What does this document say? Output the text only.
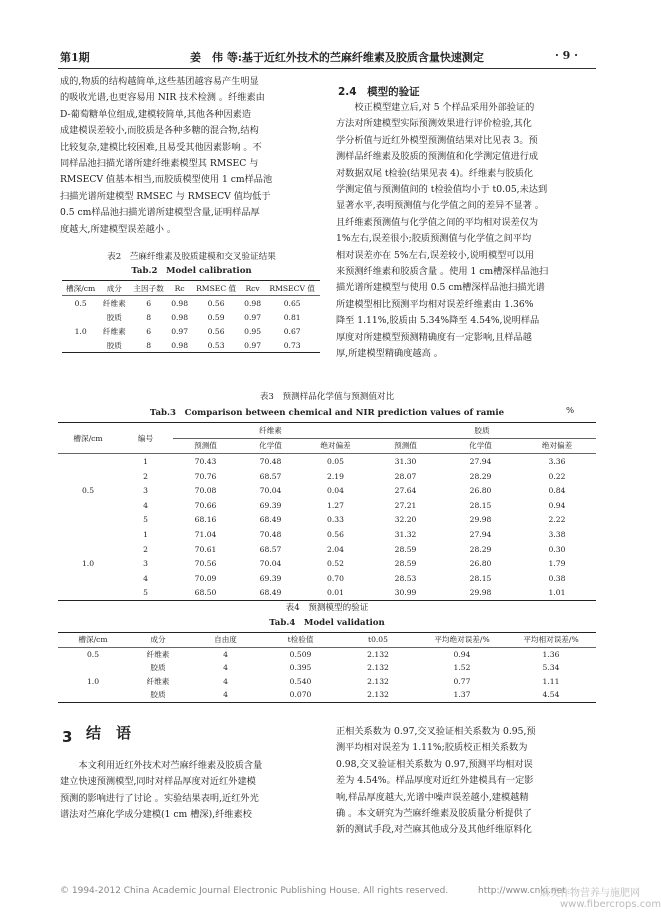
第1期	姜　伟 等:基于近红外技术的苎麻纤维素及胶质含量快速测定	· 9 ·

成的,物质的结构越简单,这些基团越容易产生明显

的吸收光谱,也更容易用 NIR 技术检测 。纤维素由

D-葡萄糖单位组成,建模较简单,其他各种因素造

成建模误差较小,而胶质是各种多糖的混合物,结构

比较复杂,建模比较困难,且易受其他因素影响 。不

同样品池扫描光谱所建纤维素模型其 RMSEC 与

RMSECV 值基本相当,而胶质模型使用 1 cm样品池

扫描光谱所建模型 RMSEC 与 RMSECV 值均低于

0.5 cm样品池扫描光谱所建模型含量,证明样品厚

度越大,所建模型误差越小 。

表2　苎麻纤维素及胶质建模和交叉验证结果
Tab.2　Model calibration
槽深/cm	成分	主因子数	Rc	RMSEC 值	Rcv	RMSECV 值
0.5	纤维素	6	0.98	0.56	0.98	0.65
	胶质	8	0.98	0.59	0.97	0.81
1.0	纤维素	6	0.97	0.56	0.95	0.67
	胶质	8	0.98	0.53	0.97	0.73
2.4　模型的验证

校正模型建立后,对 5 个样品采用外部验证的

方法对所建模型实际预测效果进行评价检验,其化

学分析值与近红外模型预测值结果对比见表 3。预

测样品纤维素及胶质的预测值和化学测定值进行成

对数据双尾 t检验(结果见表 4)。纤维素与胶质化

学测定值与预测值间的 t检验值均小于 t0.05,未达到

显著水平,表明预测值与化学值之间的差异不显著 。

且纤维素预测值与化学值之间的平均相对误差仅为

1%左右,误差很小;胶质预测值与化学值之间平均

相对误差亦在 5%左右,误差较小,说明模型可以用

来预测纤维素和胶质含量 。使用 1 cm槽深样品池扫

描光谱所建模型与使用 0.5 cm槽深样品池扫描光谱

所建模型相比预测平均相对误差纤维素由 1.36%

降至 1.11%,胶质由 5.34%降至 4.54%,说明样品

厚度对所建模型预测精确度有一定影响,且样品越

厚,所建模型精确度越高 。

表3　预测样品化学值与预测值对比
Tab.3　Comparison between chemical and NIR prediction values of ramie	%
槽深/cm	编号	纤维素			胶质		
		预测值	化学值	绝对偏差	预测值	化学值	绝对偏差
	1	70.43	70.48	0.05	31.30	27.94	3.36
	2	70.76	68.57	2.19	28.07	28.29	0.22
0.5	3	70.08	70.04	0.04	27.64	26.80	0.84
	4	70.66	69.39	1.27	27.21	28.15	0.94
	5	68.16	68.49	0.33	32.20	29.98	2.22
	1	71.04	70.48	0.56	31.32	27.94	3.38
	2	70.61	68.57	2.04	28.59	28.29	0.30
1.0	3	70.56	70.04	0.52	28.59	26.80	1.79
	4	70.09	69.39	0.70	28.53	28.15	0.38
	5	68.50	68.49	0.01	30.99	29.98	1.01
表4　预测模型的验证
Tab.4　Model validation
槽深/cm	成分	自由度	t检验值	t0.05	平均绝对误差/%	平均相对误差/%
0.5	纤维素	4	0.509	2.132	0.94	1.36
	胶质	4	0.395	2.132	1.52	5.34
1.0	纤维素	4	0.540	2.132	0.77	1.11
	胶质	4	0.070	2.132	1.37	4.54
3 结　语

本文利用近红外技术对苎麻纤维素及胶质含量

建立快速预测模型,同时对样品厚度对近红外建模

预测的影响进行了讨论 。实验结果表明,近红外光

谱法对苎麻化学成分建模(1 cm 槽深),纤维素校

正相关系数为 0.97,交叉验证相关系数为 0.95,预

测平均相对误差为 1.11%;胶质校正相关系数为

0.98,交叉验证相关系数为 0.97,预测平均相对误

差为 4.54%。样品厚度对近红外建模具有一定影

响,样品厚度越大,光谱中噪声误差越小,建模越精

确 。本文研究为苎麻纤维素及胶质量分析提供了

新的测试手段,对苎麻其他成分及其他纤维原料化

© 1994-2012 China Academic Journal Electronic Publishing House. All rights reserved.	http://www.cnki.net
麻类作物营养与施肥网
www.fibercrops.com
